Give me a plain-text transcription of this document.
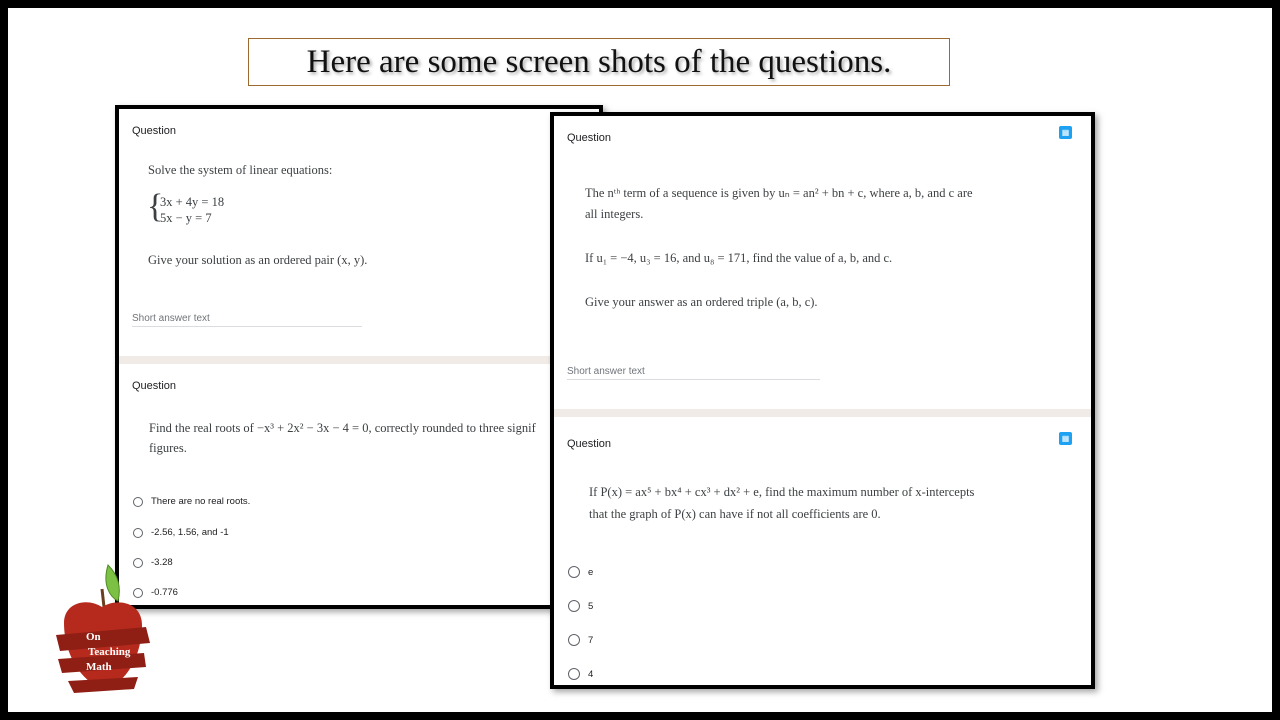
Here are some screen shots of the questions.
Question
Solve the system of linear equations:
{
3x + 4y = 18
5x − y = 7
Give your solution as an ordered pair (x, y).
Short answer text
Question
Find the real roots of −x³ + 2x² − 3x − 4 = 0, correctly rounded to three signif
figures.
There are no real roots.
-2.56, 1.56, and -1
-3.28
-0.776
Question	▦
The nᵗʰ term of a sequence is given by uₙ = an² + bn + c, where a, b, and c are
all integers.
If u₁ = −4, u₃ = 16, and u₈ = 171, find the value of a, b, and c.
Give your answer as an ordered triple (a, b, c).
Short answer text
Question	▦
If P(x) = ax⁵ + bx⁴ + cx³ + dx² + e, find the maximum number of x-intercepts
that the graph of P(x) can have if not all coefficients are 0.
e
5
7
4
On
Teaching
Math
